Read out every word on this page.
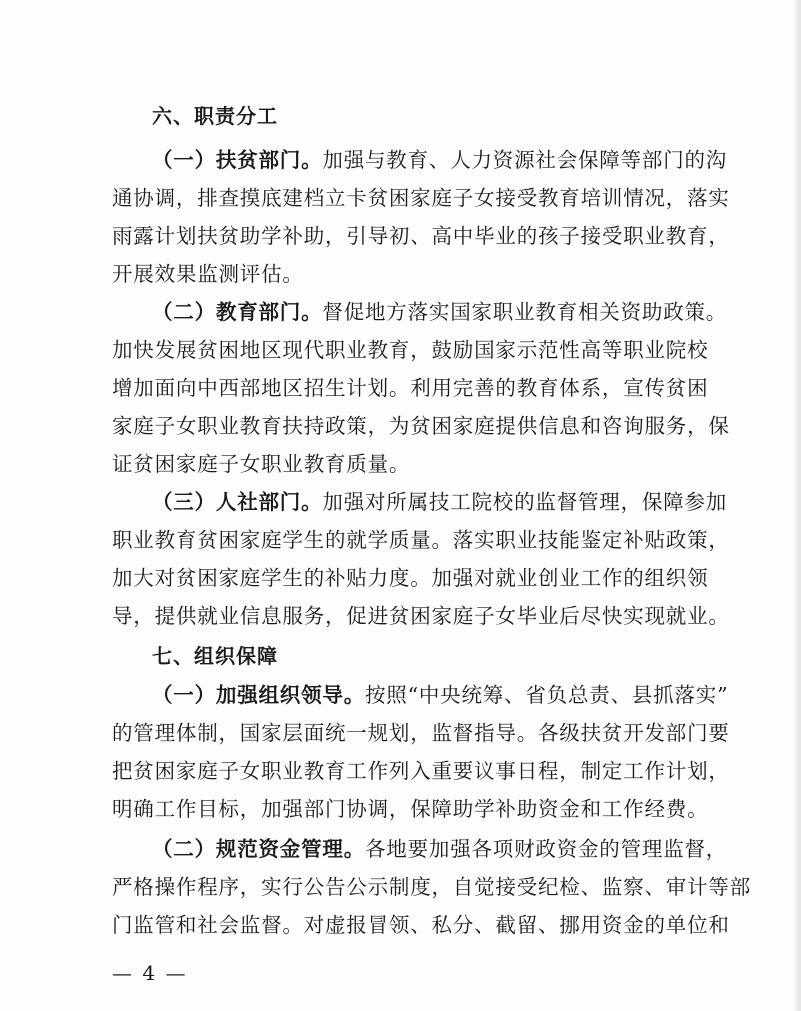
六、职责分工
（一）扶贫部门。加强与教育、人力资源社会保障等部门的沟
通协调，排查摸底建档立卡贫困家庭子女接受教育培训情况，落实
雨露计划扶贫助学补助，引导初、高中毕业的孩子接受职业教育，
开展效果监测评估。
（二）教育部门。督促地方落实国家职业教育相关资助政策。
加快发展贫困地区现代职业教育，鼓励国家示范性高等职业院校
增加面向中西部地区招生计划。利用完善的教育体系，宣传贫困
家庭子女职业教育扶持政策，为贫困家庭提供信息和咨询服务，保
证贫困家庭子女职业教育质量。
（三）人社部门。加强对所属技工院校的监督管理，保障参加
职业教育贫困家庭学生的就学质量。落实职业技能鉴定补贴政策，
加大对贫困家庭学生的补贴力度。加强对就业创业工作的组织领
导，提供就业信息服务，促进贫困家庭子女毕业后尽快实现就业。
七、组织保障
（一）加强组织领导。按照“中央统筹、省负总责、县抓落实”
的管理体制，国家层面统一规划，监督指导。各级扶贫开发部门要
把贫困家庭子女职业教育工作列入重要议事日程，制定工作计划，
明确工作目标，加强部门协调，保障助学补助资金和工作经费。
（二）规范资金管理。各地要加强各项财政资金的管理监督，
严格操作程序，实行公告公示制度，自觉接受纪检、监察、审计等部
门监管和社会监督。对虚报冒领、私分、截留、挪用资金的单位和
— 4 —
